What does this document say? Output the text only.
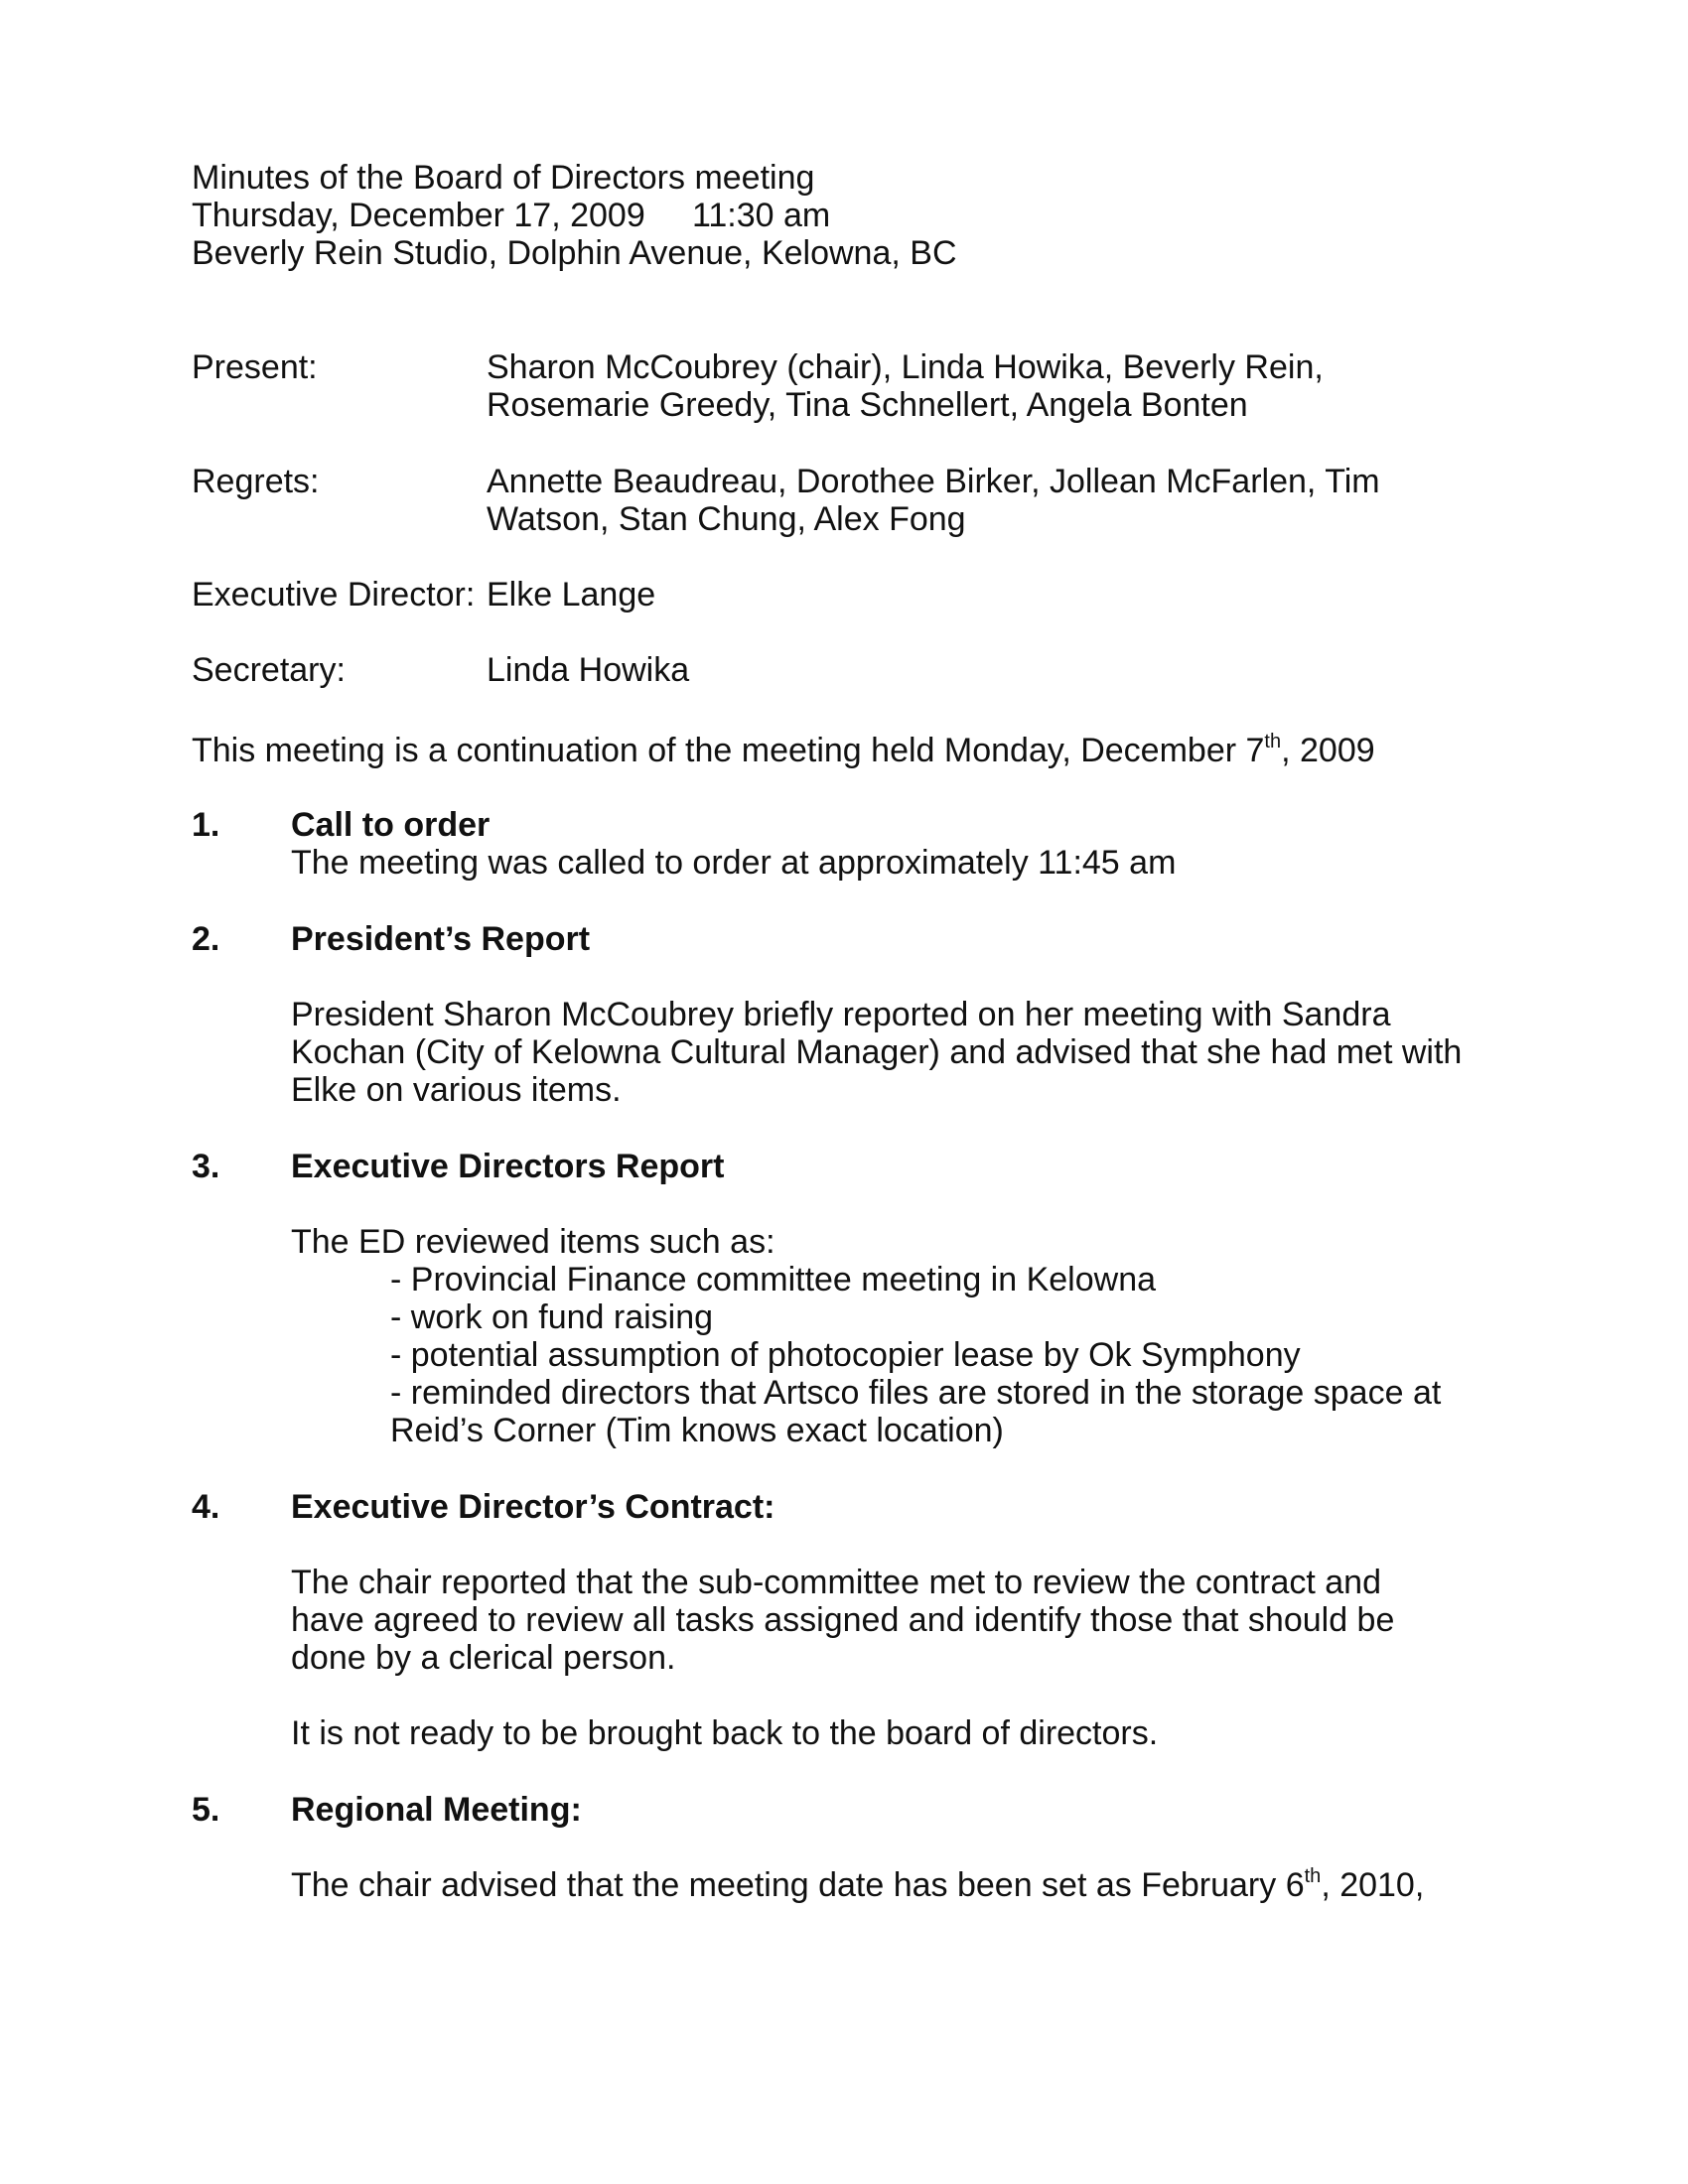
Minutes of the Board of Directors meeting
Thursday, December 17, 2009     11:30 am
Beverly Rein Studio, Dolphin Avenue, Kelowna, BC
Present:	Sharon McCoubrey (chair), Linda Howika, Beverly Rein, Rosemarie Greedy, Tina Schnellert, Angela Bonten
Regrets:	Annette Beaudreau, Dorothee Birker, Jollean McFarlen, Tim Watson, Stan Chung, Alex Fong
Executive Director: Elke Lange
Secretary:	Linda Howika
This meeting is a continuation of the meeting held Monday, December 7th, 2009
1. Call to order

The meeting was called to order at approximately 11:45 am

2. President’s Report

President Sharon McCoubrey briefly reported on her meeting with Sandra Kochan (City of Kelowna Cultural Manager) and advised that she had met with Elke on various items.

3. Executive Directors Report

The ED reviewed items such as:

- Provincial Finance committee meeting in Kelowna

- work on fund raising

- potential assumption of photocopier lease by Ok Symphony

- reminded directors that Artsco files are stored in the storage space at Reid’s Corner (Tim knows exact location)

4. Executive Director’s Contract:

The chair reported that the sub-committee met to review the contract and have agreed to review all tasks assigned and identify those that should be done by a clerical person.

It is not ready to be brought back to the board of directors.

5. Regional Meeting:

The chair advised that the meeting date has been set as February 6th, 2010,
